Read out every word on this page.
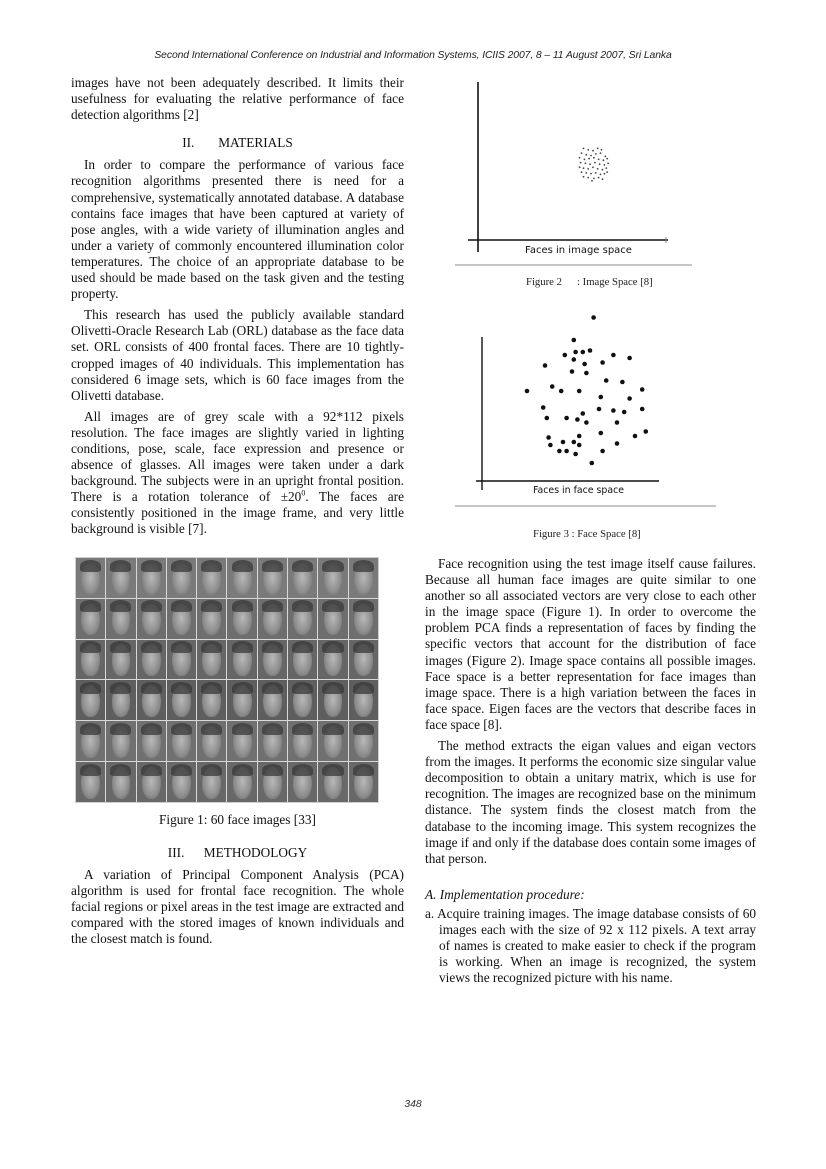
Second International Conference on Industrial and Information Systems, ICIIS 2007, 8 – 11 August 2007, Sri Lanka

images have not been adequately described. It limits their usefulness for evaluating the relative performance of face detection algorithms [2]

II. MATERIALS

In order to compare the performance of various face recognition algorithms presented there is need for a comprehensive, systematically annotated database. A database contains face images that have been captured at variety of pose angles, with a wide variety of illumination angles and under a variety of commonly encountered illumination color temperatures. The choice of an appropriate database to be used should be made based on the task given and the testing property.

This research has used the publicly available standard Olivetti-Oracle Research Lab (ORL) database as the face data set. ORL consists of 400 frontal faces. There are 10 tightly-cropped images of 40 individuals. This implementation has considered 6 image sets, which is 60 face images from the Olivetti database.

All images are of grey scale with a 92*112 pixels resolution. The face images are slightly varied in lighting conditions, pose, scale, face expression and presence or absence of glasses. All images were taken under a dark background. The subjects were in an upright frontal position. There is a rotation tolerance of $\pm 20^0$. The faces are consistently positioned in the image frame, and very little background is visible [7].

Figure 1: 60 face images [33]
III. METHODOLOGY

A variation of Principal Component Analysis (PCA) algorithm is used for frontal face recognition. The whole facial regions or pixel areas in the test image are extracted and compared with the stored images of known individuals and the closest match is found.

Faces in image space
Figure 2 : Image Space [8]
Faces in face space
Figure 3 : Face Space [8]

Face recognition using the test image itself cause failures. Because all human face images are quite similar to one another so all associated vectors are very close to each other in the image space (Figure 1). In order to overcome the problem PCA finds a representation of faces by finding the specific vectors that account for the distribution of face images (Figure 2). Image space contains all possible images. Face space is a better representation for face images than image space. There is a high variation between the faces in face space. Eigen faces are the vectors that describe faces in face space [8].

The method extracts the eigan values and eigan vectors from the images. It performs the economic size singular value decomposition to obtain a unitary matrix, which is use for recognition. The images are recognized base on the minimum distance. The system finds the closest match from the database to the incoming image. This system recognizes the image if and only if the database does contain some images of that person.

A. Implementation procedure:

a. Acquire training images. The image database consists of 60 images each with the size of 92 x 112 pixels. A text array of names is created to make easier to check if the program is working. When an image is recognized, the system views the recognized picture with his name.

348
